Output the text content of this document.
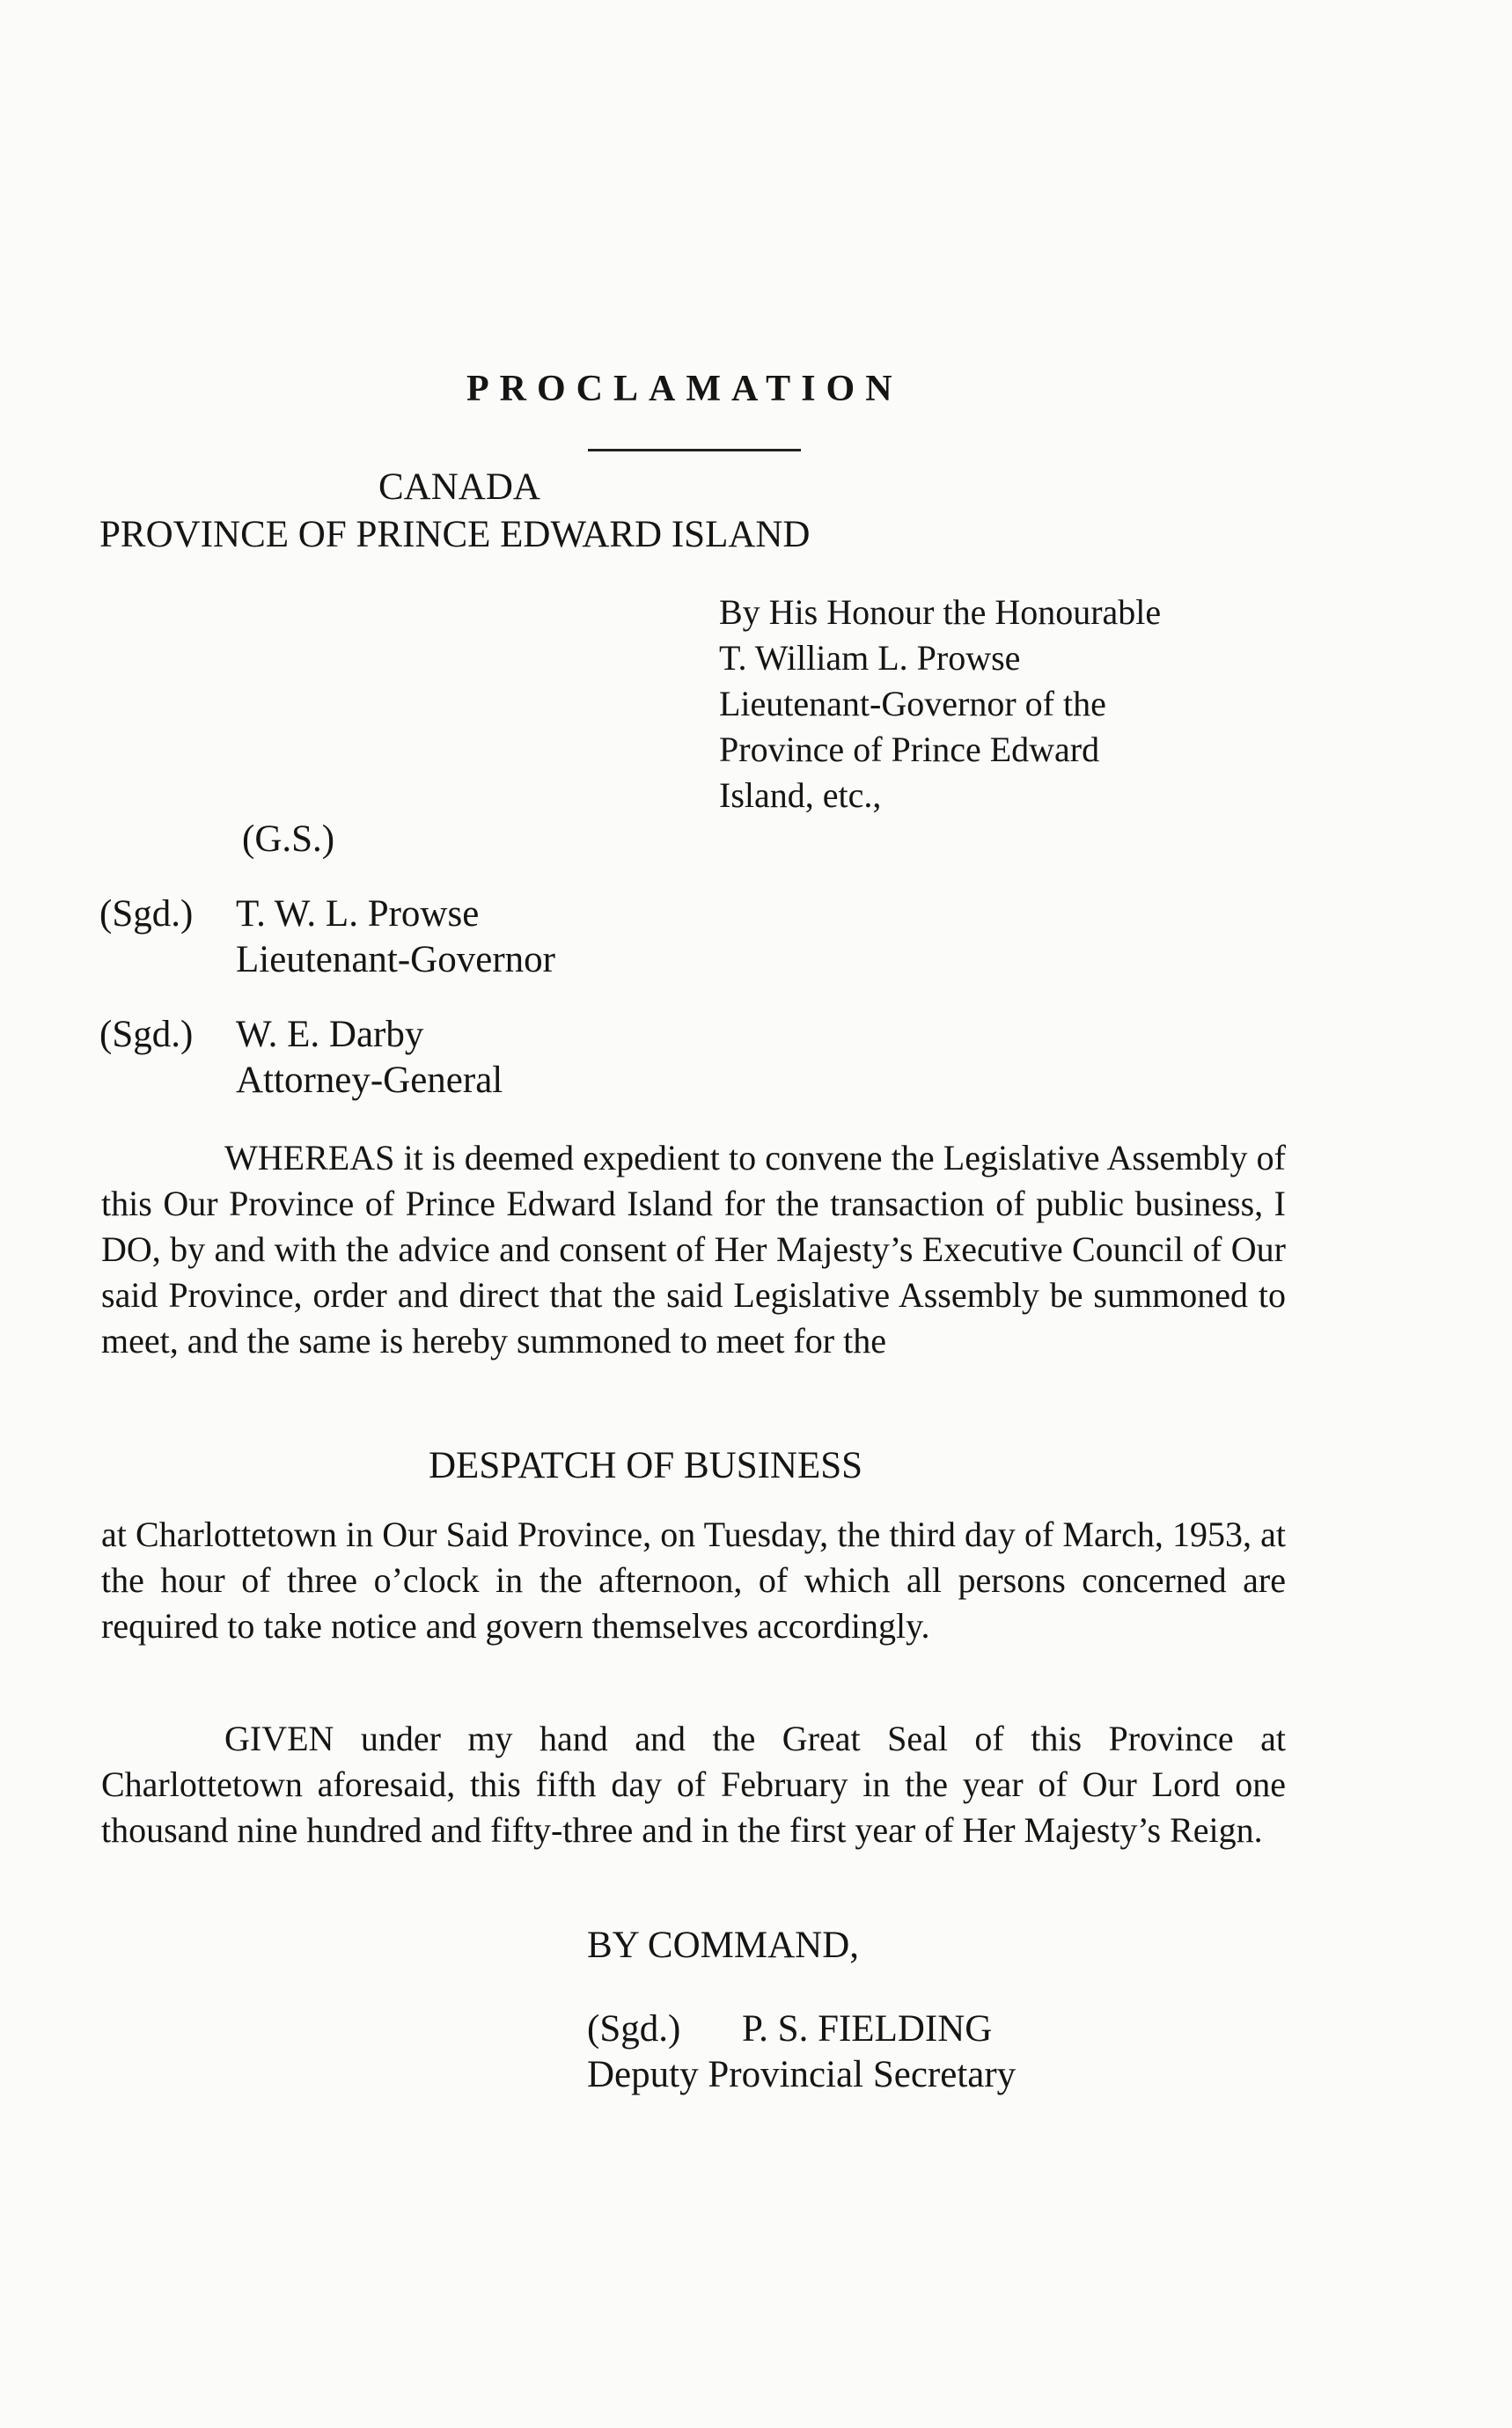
PROCLAMATION
CANADA
PROVINCE OF PRINCE EDWARD ISLAND
By His Honour the Honourable
T. William L. Prowse
Lieutenant-Governor of the
Province of Prince Edward
Island, etc.,
(G.S.)
(Sgd.) T. W. L. Prowse
Lieutenant-Governor
(Sgd.) W. E. Darby
Attorney-General
WHEREAS it is deemed expedient to convene the Legislative Assembly of this Our Province of Prince Edward Island for the transaction of public business, I DO, by and with the advice and consent of Her Majesty’s Executive Council of Our said Province, order and direct that the said Legislative Assembly be summoned to meet, and the same is hereby summoned to meet for the
DESPATCH OF BUSINESS
at Charlottetown in Our Said Province, on Tuesday, the third day of March, 1953, at the hour of three o’clock in the afternoon, of which all persons concerned are required to take notice and govern themselves accordingly.
GIVEN under my hand and the Great Seal of this Province at Charlottetown aforesaid, this fifth day of February in the year of Our Lord one thousand nine hundred and fifty-three and in the first year of Her Majesty’s Reign.
BY COMMAND,
(Sgd.) P. S. FIELDING
Deputy Provincial Secretary
